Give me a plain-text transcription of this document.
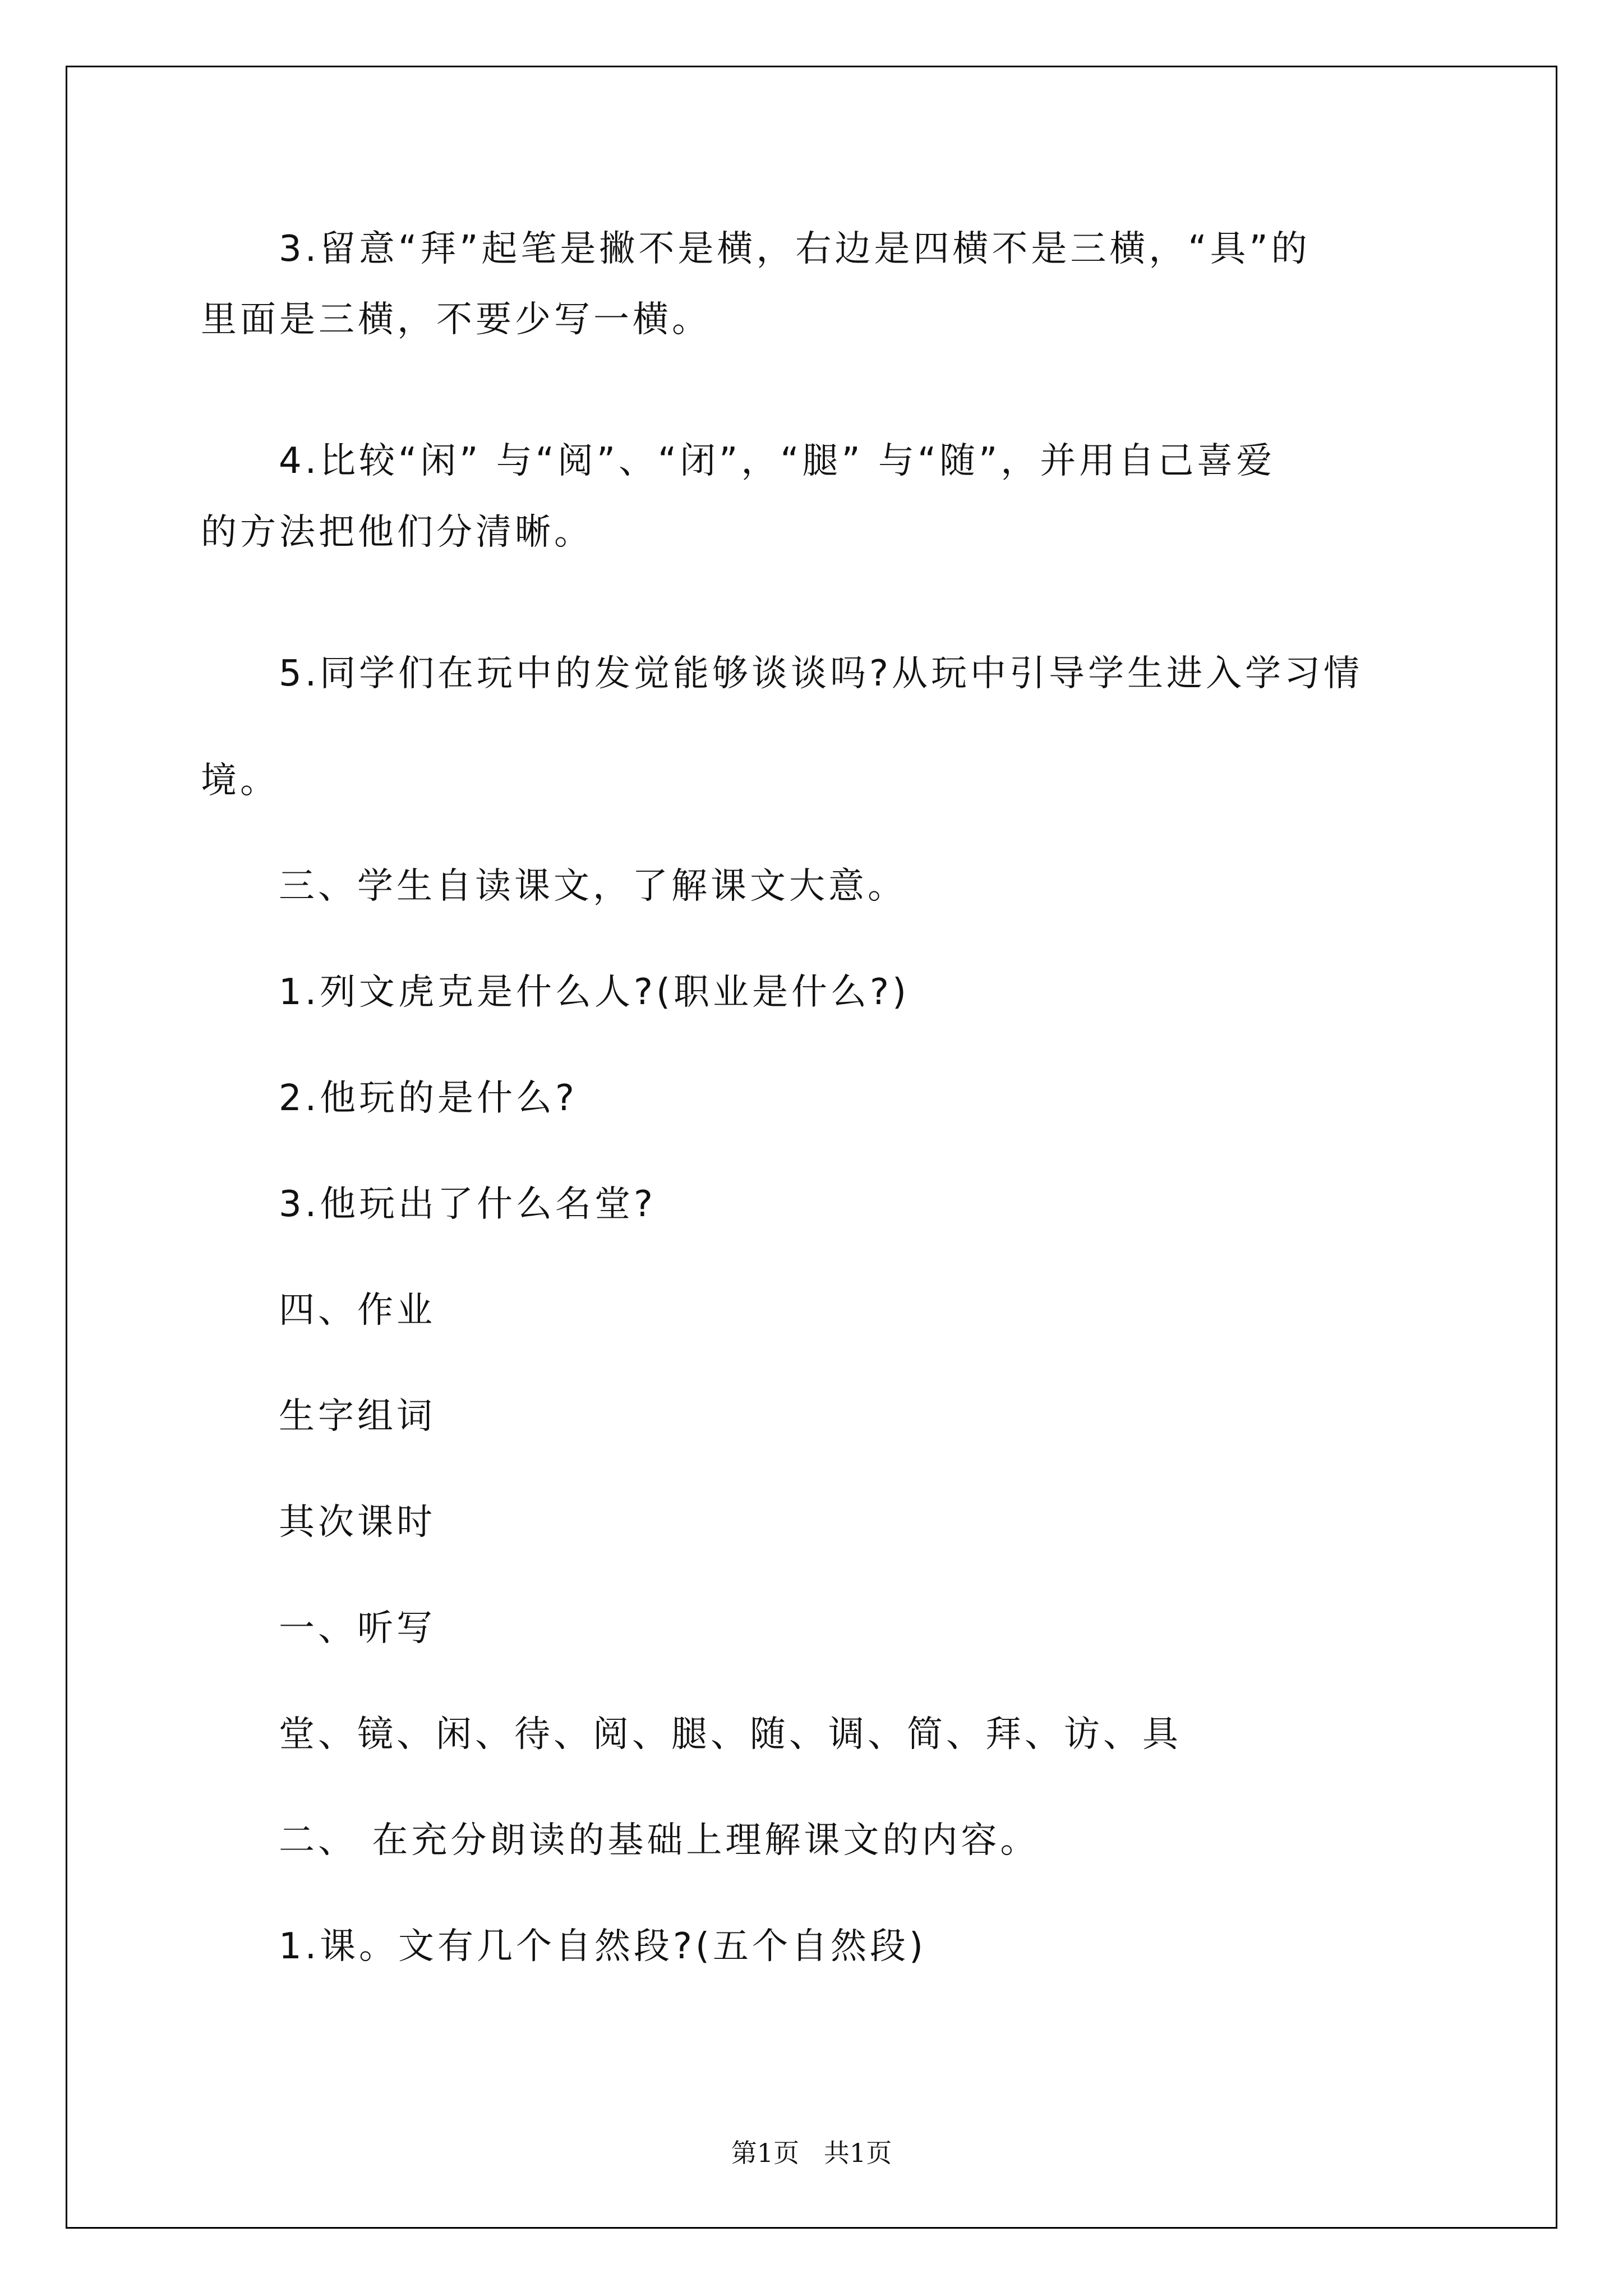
3.留意“拜”起笔是撇不是横，右边是四横不是三横，“具”的

里面是三横，不要少写一横。

4.比较“闲” 与“阅”、“闭”，“腿” 与“随”，并用自己喜爱

的方法把他们分清晰。

5.同学们在玩中的发觉能够谈谈吗?从玩中引导学生进入学习情

境。

三、学生自读课文，了解课文大意。

1.列文虎克是什么人?(职业是什么?)

2.他玩的是什么?

3.他玩出了什么名堂?

四、作业

生字组词

其次课时

一、听写

堂、镜、闲、待、阅、腿、随、调、简、拜、访、具

二、 在充分朗读的基础上理解课文的内容。

1.课。文有几个自然段?(五个自然段)

第1页   共1页
